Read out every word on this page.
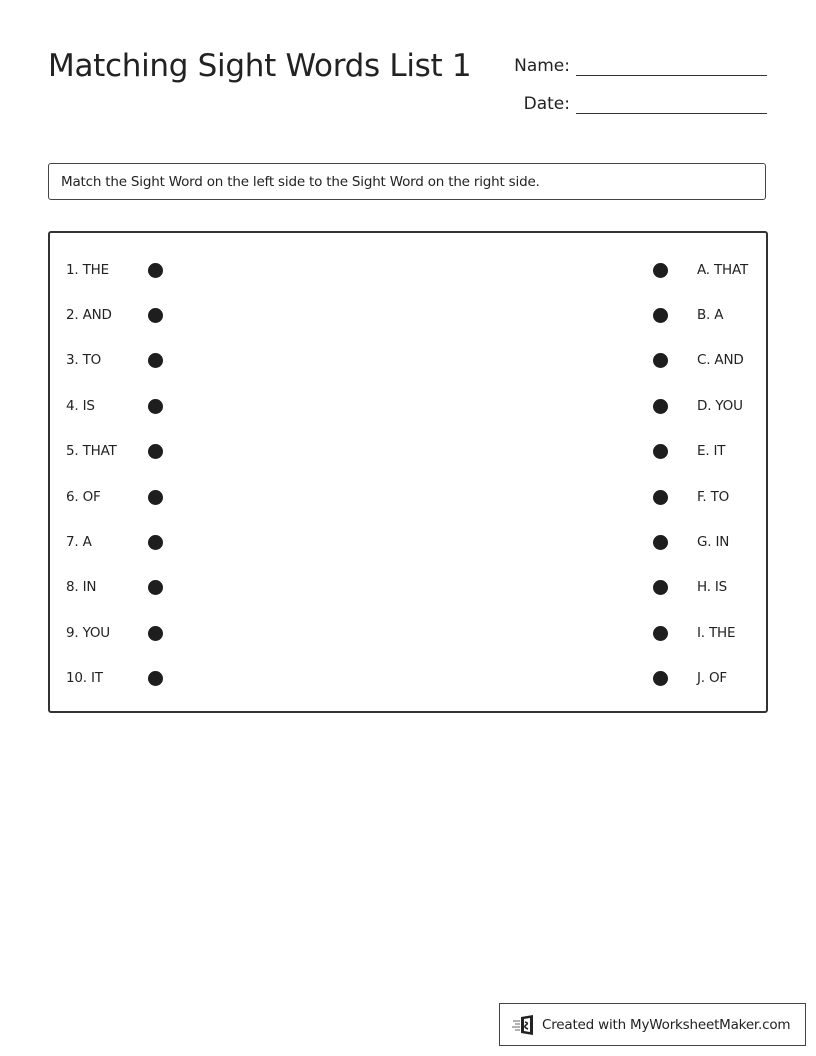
Matching Sight Words List 1	Name:
Date:
Match the Sight Word on the left side to the Sight Word on the right side.
1. THE	A. THAT
2. AND	B. A
3. TO	C. AND
4. IS	D. YOU
5. THAT	E. IT
6. OF	F. TO
7. A	G. IN
8. IN	H. IS
9. YOU	I. THE
10. IT	J. OF
Created with MyWorksheetMaker.com
